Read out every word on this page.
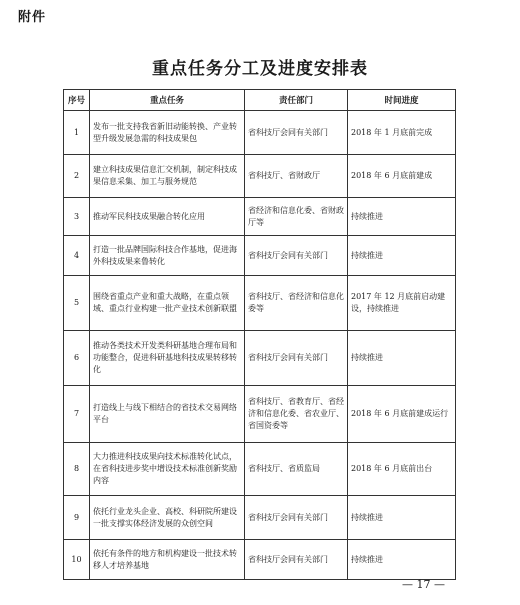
附件
重点任务分工及进度安排表
序号	重点任务	责任部门	时间进度
1	发布一批支持我省新旧动能转换、产业转型升级发展急需的科技成果包	省科技厅会同有关部门	2018 年 1 月底前完成
2	建立科技成果信息汇交机制，制定科技成果信息采集、加工与服务规范	省科技厅、省财政厅	2018 年 6 月底前建成
3	推动军民科技成果融合转化应用	省经济和信息化委、省财政厅等	持续推进
4	打造一批品牌国际科技合作基地，促进海外科技成果来鲁转化	省科技厅会同有关部门	持续推进
5	围绕省重点产业和重大战略，在重点领域、重点行业构建一批产业技术创新联盟	省科技厅、省经济和信息化委等	2017 年 12 月底前启动建设，持续推进
6	推动各类技术开发类科研基地合理布局和功能整合，促进科研基地科技成果转移转化	省科技厅会同有关部门	持续推进
7	打造线上与线下相结合的省技术交易网络平台	省科技厅、省教育厅、省经济和信息化委、省农业厅、省国资委等	2018 年 6 月底前建成运行
8	大力推进科技成果向技术标准转化试点，在省科技进步奖中增设技术标准创新奖励内容	省科技厅、省质监局	2018 年 6 月底前出台
9	依托行业龙头企业、高校、科研院所建设一批支撑实体经济发展的众创空间	省科技厅会同有关部门	持续推进
10	依托有条件的地方和机构建设一批技术转移人才培养基地	省科技厅会同有关部门	持续推进
— 17 —
